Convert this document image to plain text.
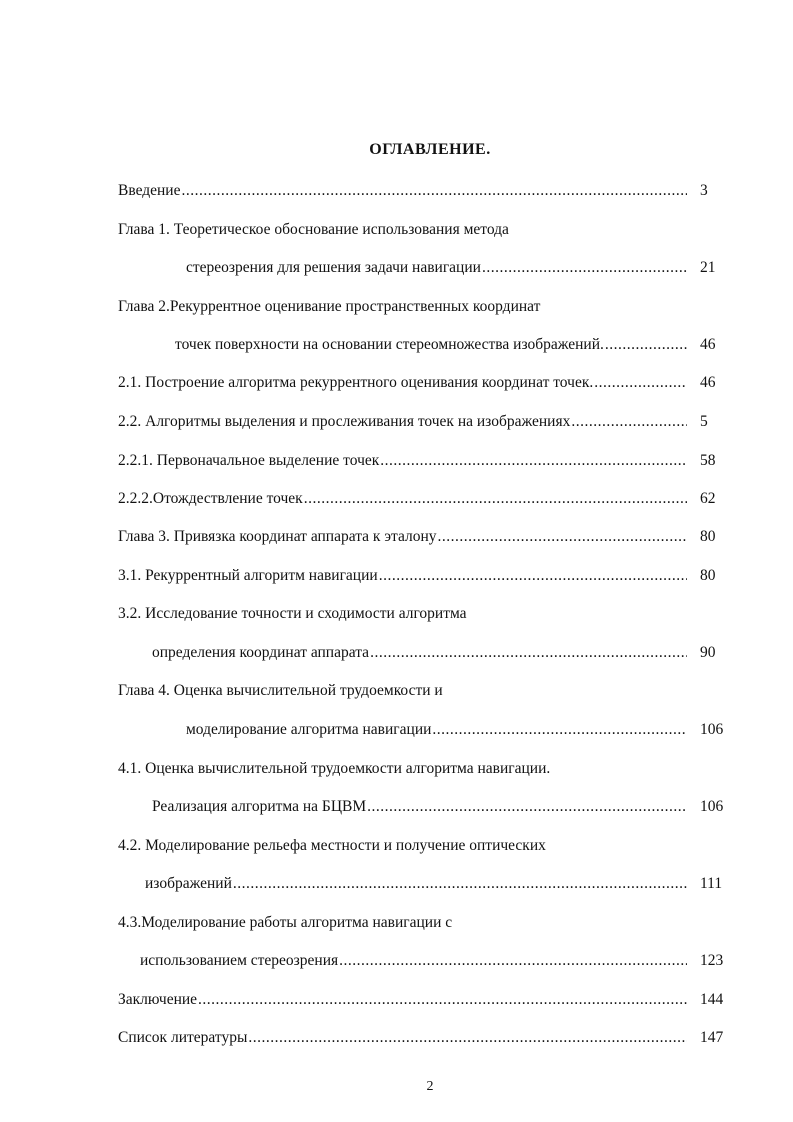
ОГЛАВЛЕНИЕ.
Введение .....	3
Глава 1. Теоретическое обоснование использования метода
стереозрения для решения задачи навигации .....	21
Глава 2.Рекуррентное оценивание пространственных координат
точек поверхности на основании стереомножества изображений. .....	46
2.1. Построение алгоритма рекуррентного оценивания координат точек. .....	46
2.2. Алгоритмы выделения и прослеживания точек на изображениях .....	5
2.2.1. Первоначальное выделение точек .....	58
2.2.2.Отождествление точек .....	62
Глава 3. Привязка координат аппарата к эталону .....	80
3.1. Рекуррентный алгоритм навигации .....	80
3.2. Исследование точности и сходимости алгоритма
определения координат аппарата .....	90
Глава 4. Оценка вычислительной трудоемкости и
моделирование алгоритма навигации .....	106
4.1. Оценка вычислительной трудоемкости алгоритма навигации.
Реализация алгоритма на БЦВМ .....	106
4.2. Моделирование рельефа местности и получение оптических
изображений .....	111
4.3.Моделирование работы алгоритма навигации с
использованием стереозрения .....	123
Заключение .....	144
Список литературы .....	147
2
